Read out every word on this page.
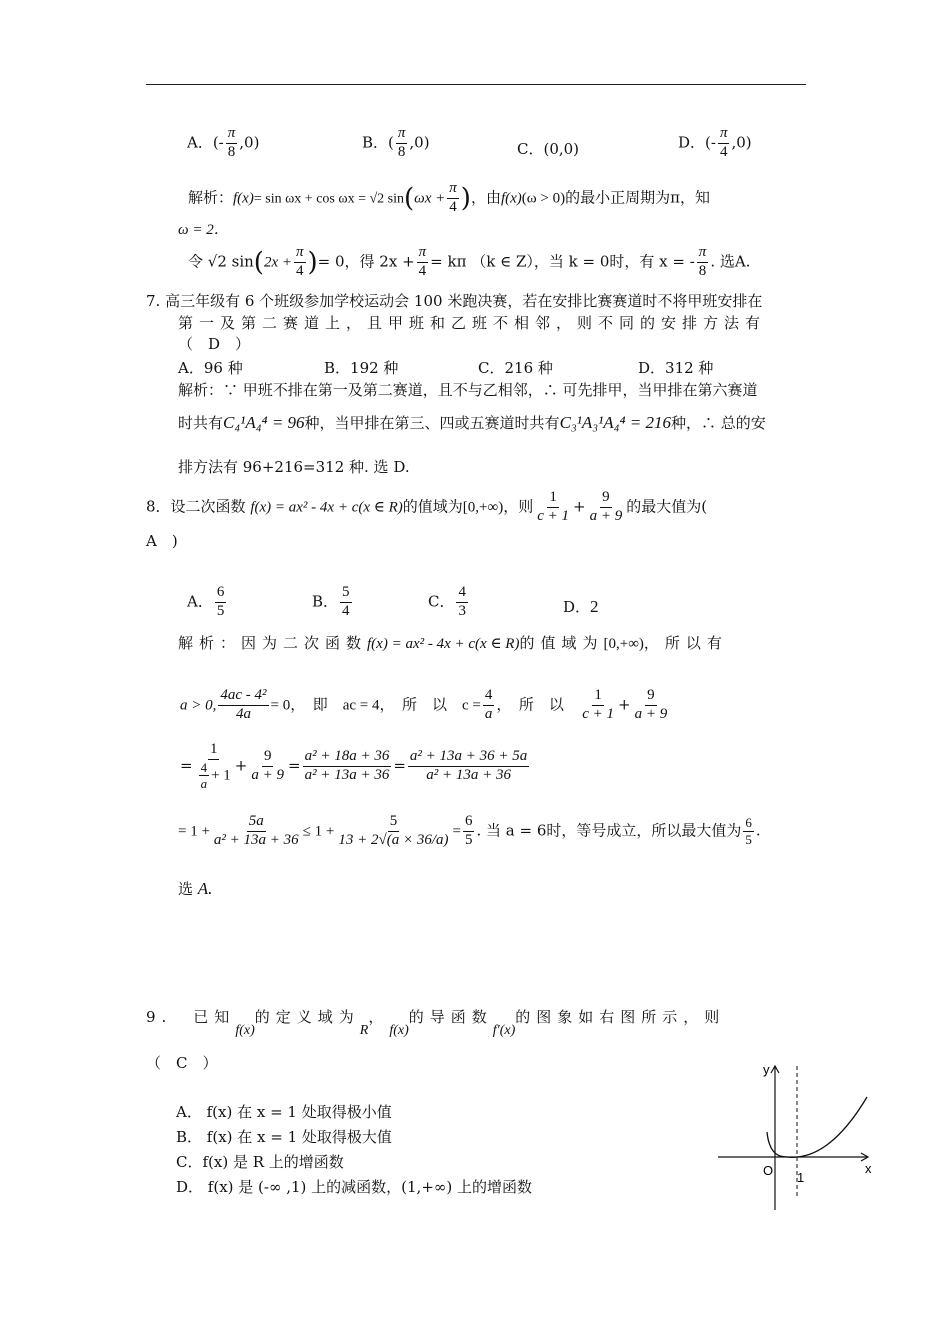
A．(- $\frac{\pi}{8} ,0$)	B．( $\frac{\pi}{8} ,0$)	C．(0,0)	D．(- $\frac{\pi}{4} ,0$)
解析：f(x)= sin ωx + cos ωx = √2 $\sin(\omega x + \frac{\pi}{4}$ )，由f(x)(ω > 0)的最小正周期为π，知
ω = 2．
令 √2 $\sin(2x + \frac{\pi}{4}$ )= 0，得 $2x + \frac{\pi}{4} = k\pi$ （k ∈ Z），当 k = 0时，有 x = - $\frac{\pi}{8}$ . 选A.
7. 高三年级有 6 个班级参加学校运动会 100 米跑决赛，若在安排比赛赛道时不将甲班安排在
第一及第二赛道上，且甲班和乙班不相邻，则不同的安排方法有
（　D　）
A．96 种	B．192 种	C．216 种	D．312 种
解析：∵ 甲班不排在第一及第二赛道，且不与乙相邻，∴ 可先排甲，当甲排在第六赛道
时共有C₄¹A₄⁴ = 96种，当甲排在第三、四或五赛道时共有C₃¹A₃¹A₄⁴ = 216种，∴ 总的安
排方法有 96+216=312 种. 选 D.
8．设二次函数 f(x) = ax² - 4x + c(x ∈ R)的值域为[0,+∞)，则 $\frac{1}{c + 1} + \frac{9}{a + 9}$ 的最大值为(
A　)
A． $\frac{6}{5}$	B． $\frac{5}{4}$	C． $\frac{4}{3}$	D．2
解析：因为二次函数f(x) = ax² - 4x + c(x ∈ R)的值域为[0,+∞)，所以有
a > 0, $\frac{\text{4ac - 4²}}{4a} = 0$，　即　ac = 4，　所　以　$c = \frac{4}{a}$ ，　所　以 $\frac{1}{c + 1} + \frac{9}{a + 9}$
= $\frac{1}{\frac{4}{a} + 1} + \frac{9}{a + 9} = \frac{\text{a² + 18a + 36}}{\text{a² + 13a + 36}} = \frac{\text{a² + 13a + 36 + 5a}}{\text{a² + 13a + 36}}$
= $1 + \frac{5a}{\text{a² + 13a + 36}} \le 1 + \frac{5}{13 + 2√(a \times 36/a)} = \frac{6}{5}$ . 当 a = 6时，等号成立，所以最大值为 $\frac{6}{5}$ .
选 A.
9.　已知f(x)的定义域为R，f(x)的导函数f′(x)的图象如右图所示，则
（　C　）
A． f(x) 在 x = 1 处取得极小值
B． f(x) 在 x = 1 处取得极大值
C．f(x) 是 R 上的增函数
D． f(x) 是 (-∞ ,1) 上的减函数，(1,+∞) 上的增函数
y
x
O 1
